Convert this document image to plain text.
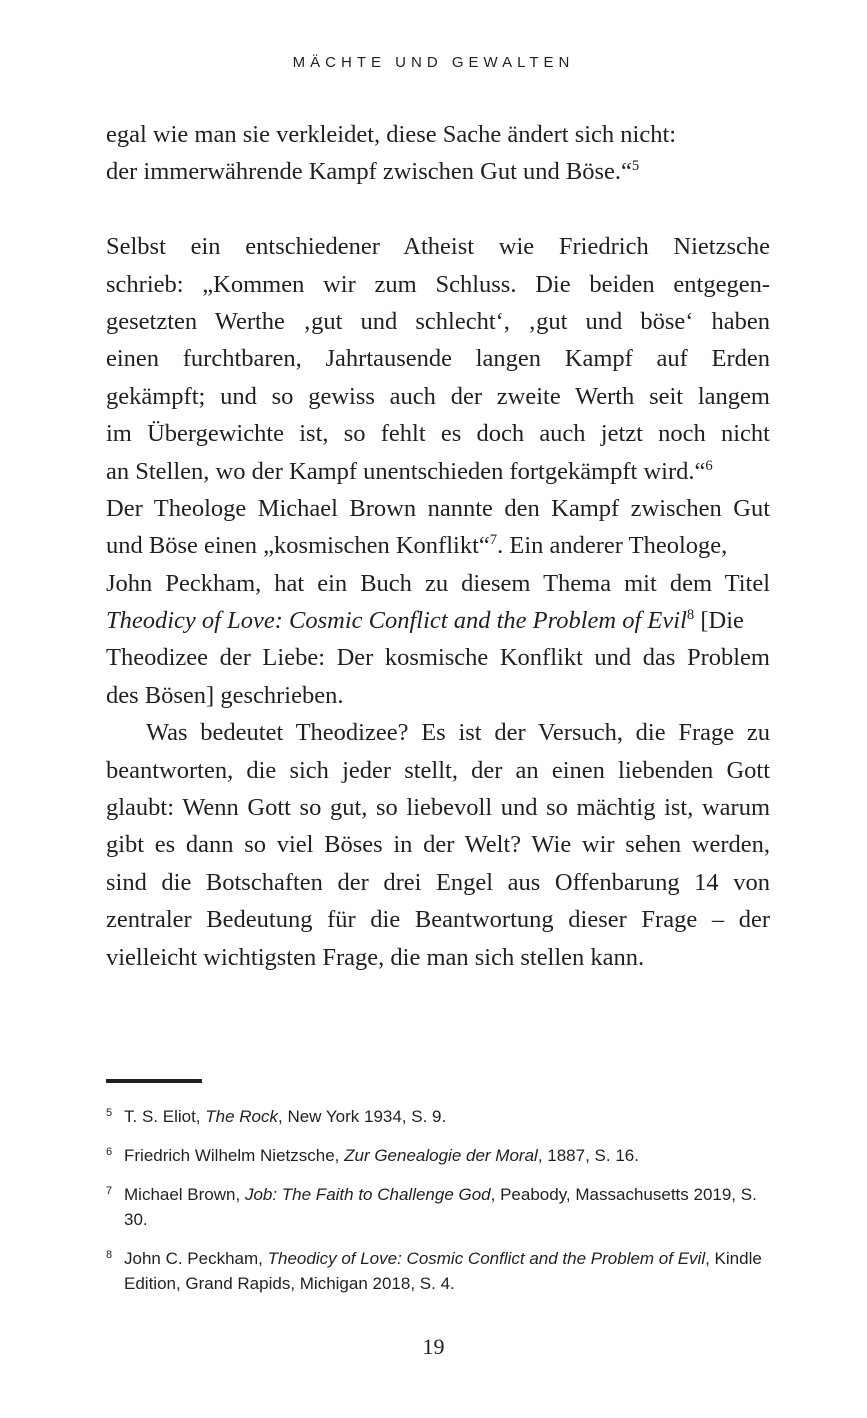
MÄCHTE UND GEWALTEN
egal wie man sie verkleidet, diese Sache ändert sich nicht:
der immerwährende Kampf zwischen Gut und Böse.“$^5$
Selbst ein entschiedener Atheist wie Friedrich Nietzsche
schrieb: „Kommen wir zum Schluss. Die beiden entgegen-
gesetzten Werthe ‚gut und schlecht‘, ‚gut und böse‘ haben
einen furchtbaren, Jahrtausende langen Kampf auf Erden
gekämpft; und so gewiss auch der zweite Werth seit langem
im Übergewichte ist, so fehlt es doch auch jetzt noch nicht
an Stellen, wo der Kampf unentschieden fortgekämpft wird.“$^6$
Der Theologe Michael Brown nannte den Kampf zwischen Gut
und Böse einen „kosmischen Konflikt“$^7$. Ein anderer Theologe,
John Peckham, hat ein Buch zu diesem Thema mit dem Titel
Theodicy of Love: Cosmic Conflict and the Problem of Evil$^8$ [Die
Theodizee der Liebe: Der kosmische Konflikt und das Problem
des Bösen] geschrieben.
Was bedeutet Theodizee? Es ist der Versuch, die Frage zu
beantworten, die sich jeder stellt, der an einen liebenden Gott
glaubt: Wenn Gott so gut, so liebevoll und so mächtig ist, warum
gibt es dann so viel Böses in der Welt? Wie wir sehen werden,
sind die Botschaften der drei Engel aus Offenbarung 14 von
zentraler Bedeutung für die Beantwortung dieser Frage – der
vielleicht wichtigsten Frage, die man sich stellen kann.
5 T. S. Eliot, The Rock, New York 1934, S. 9.
6 Friedrich Wilhelm Nietzsche, Zur Genealogie der Moral, 1887, S. 16.
7 Michael Brown, Job: The Faith to Challenge God, Peabody, Massachusetts 2019, S. 30.
8 John C. Peckham, Theodicy of Love: Cosmic Conflict and the Problem of Evil, Kindle Edition, Grand Rapids, Michigan 2018, S. 4.
19
